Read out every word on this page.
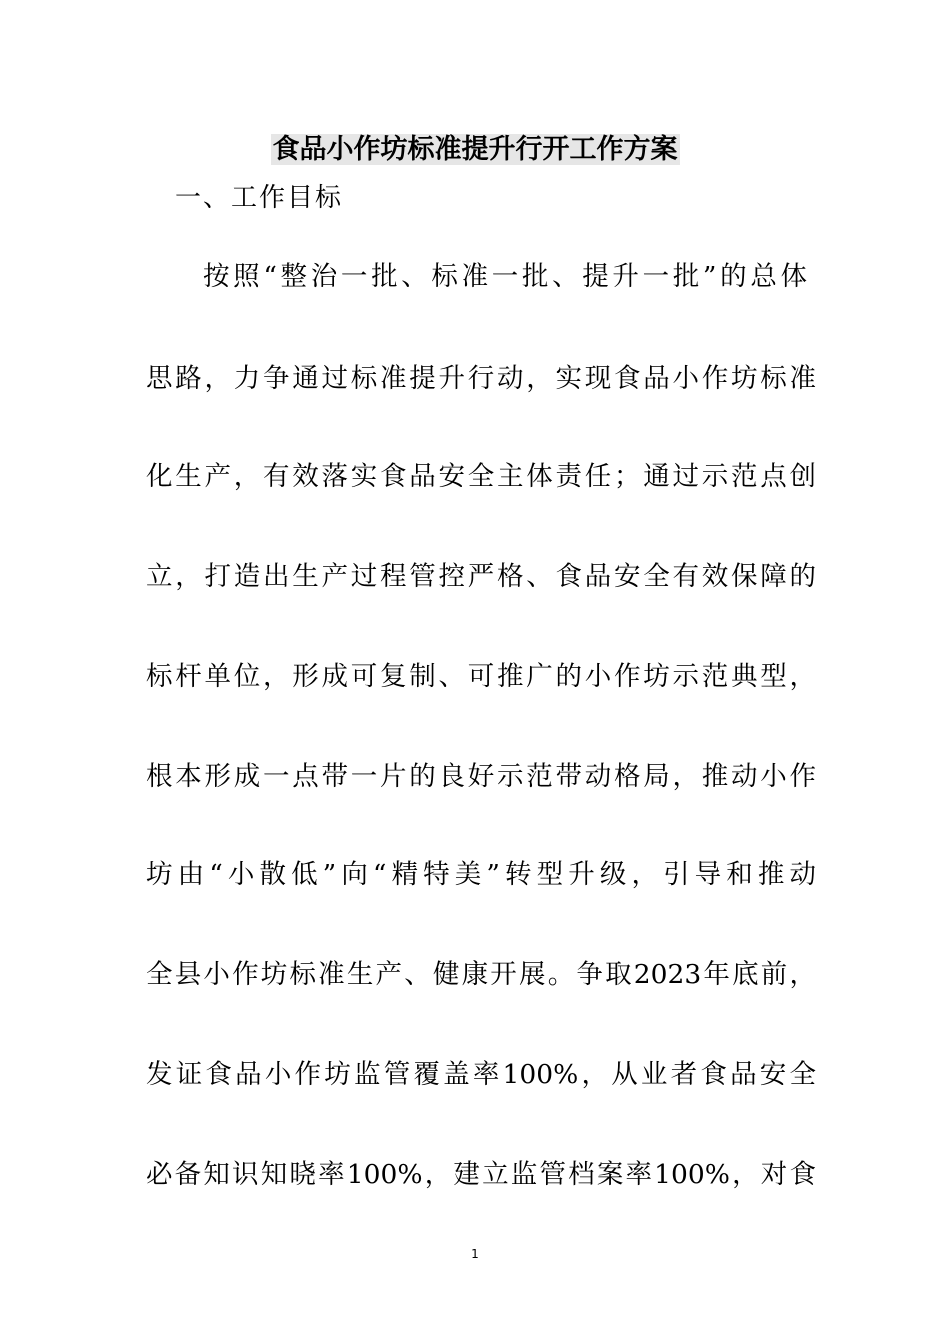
食品小作坊标准提升行开工作方案
一、工作目标
按照“整治一批、标准一批、提升一批”的总体
思路，力争通过标准提升行动，实现食品小作坊标准
化生产，有效落实食品安全主体责任；通过示范点创
立，打造出生产过程管控严格、食品安全有效保障的
标杆单位，形成可复制、可推广的小作坊示范典型，
根本形成一点带一片的良好示范带动格局，推动小作
坊由“小散低”向“精特美”转型升级，引导和推动
全县小作坊标准生产、健康开展。争取2023年底前，
发证食品小作坊监管覆盖率100%，从业者食品安全
必备知识知晓率100%，建立监管档案率100%，对食
1
